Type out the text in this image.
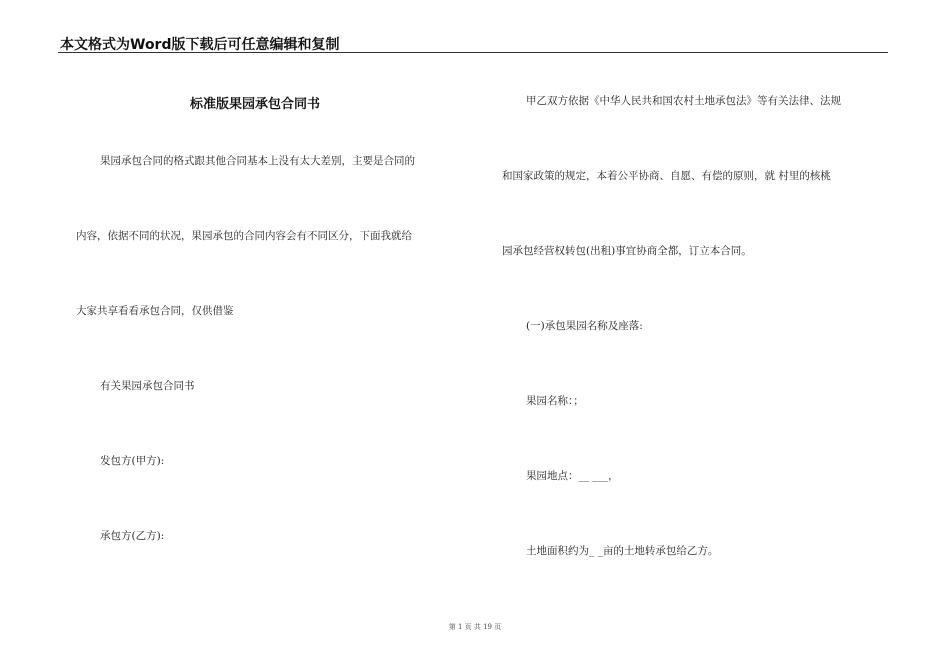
本文格式为Word版下载后可任意编辑和复制
标准版果园承包合同书
果园承包合同的格式跟其他合同基本上没有太大差别，主要是合同的
内容，依据不同的状况，果园承包的合同内容会有不同区分，下面我就给
大家共享看看承包合同，仅供借鉴
有关果园承包合同书
发包方(甲方):
承包方(乙方):
甲乙双方依据《中华人民共和国农村土地承包法》等有关法律、法规
和国家政策的规定，本着公平协商、自愿、有偿的原则，就 村里的核桃
园承包经营权转包(出租)事宜协商全都，订立本合同。
(一)承包果园名称及座落:
果园名称：；
果园地点：__ ___，
土地面积约为_ _亩的土地转承包给乙方。
第 1 页 共 19 页
